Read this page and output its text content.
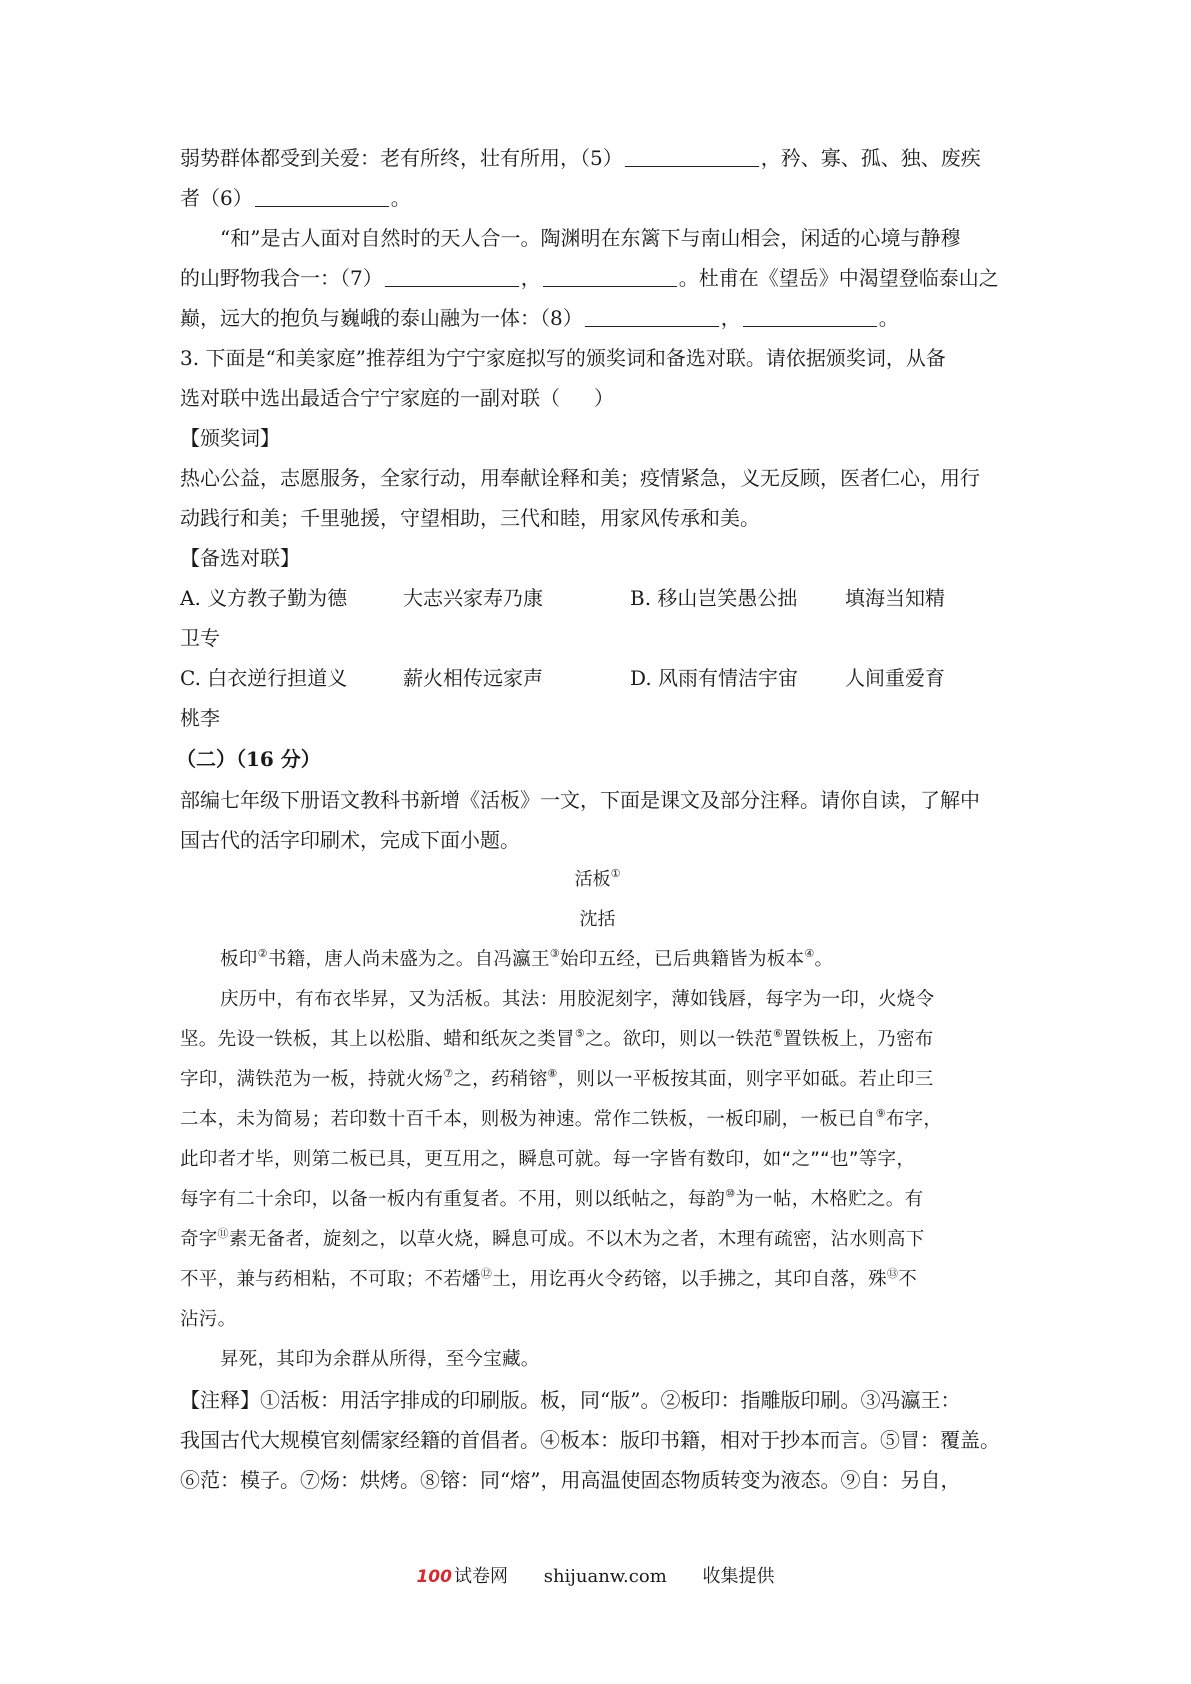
弱势群体都受到关爱：老有所终，壮有所用，（5）	，矜、寡、孤、独、废疾

者（6）	。

“和”是古人面对自然时的天人合一。陶渊明在东篱下与南山相会，闲适的心境与静穆

的山野物我合一：（7）	，	。杜甫在《望岳》中渴望登临泰山之

巅，远大的抱负与巍峨的泰山融为一体：（8）	，	。

3. 下面是“和美家庭”推荐组为宁宁家庭拟写的颁奖词和备选对联。请依据颁奖词，从备

选对联中选出最适合宁宁家庭的一副对联（ ）

【颁奖词】

热心公益，志愿服务，全家行动，用奉献诠释和美；疫情紧急，义无反顾，医者仁心，用行

动践行和美；千里驰援，守望相助，三代和睦，用家风传承和美。

【备选对联】

A. 义方教子勤为德	大志兴家寿乃康	B. 移山岂笑愚公拙 填海当知精
卫专
C. 白衣逆行担道义	薪火相传远家声	D. 风雨有情洁宇宙 人间重爱育
桃李
（二）（16 分）

部编七年级下册语文教科书新增《活板》一文，下面是课文及部分注释。请你自读，了解中

国古代的活字印刷术，完成下面小题。

活板①

沈括

板印②书籍，唐人尚未盛为之。自冯瀛王③始印五经，已后典籍皆为板本④。

庆历中，有布衣毕昇，又为活板。其法：用胶泥刻字，薄如钱唇，每字为一印，火烧令

坚。先设一铁板，其上以松脂、蜡和纸灰之类冒⑤之。欲印，则以一铁范⑥置铁板上，乃密布

字印，满铁范为一板，持就火炀⑦之，药稍镕⑧，则以一平板按其面，则字平如砥。若止印三

二本，未为简易；若印数十百千本，则极为神速。常作二铁板，一板印刷，一板已自⑨布字，

此印者才毕，则第二板已具，更互用之，瞬息可就。每一字皆有数印，如“之”“也”等字，

每字有二十余印，以备一板内有重复者。不用，则以纸帖之，每韵⑩为一帖，木格贮之。有

奇字⑪素无备者，旋刻之，以草火烧，瞬息可成。不以木为之者，木理有疏密，沾水则高下

不平，兼与药相粘，不可取；不若燔⑫土，用讫再火令药镕，以手拂之，其印自落，殊⑬不

沾污。

昇死，其印为余群从所得，至今宝藏。

【注释】①活板：用活字排成的印刷版。板，同“版”。②板印：指雕版印刷。③冯瀛王：

我国古代大规模官刻儒家经籍的首倡者。④板本：版印书籍，相对于抄本而言。⑤冒：覆盖。

⑥范：模子。⑦炀：烘烤。⑧镕：同“熔”，用高温使固态物质转变为液态。⑨自：另自，

100 试卷网 shijuanw.com 收集提供
